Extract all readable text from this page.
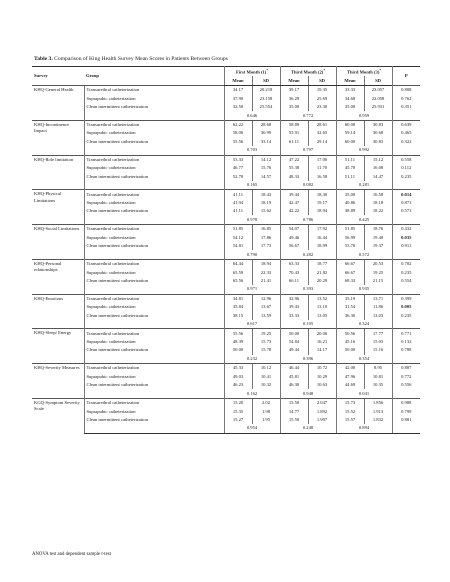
Table 3. Comparison of King Health Survey Mean Scores in Patients Between Groups
Survey	Group	First Month (1)*		Third Month (2)*		Third Month (3)*		P
		Mean	SD	Mean	SD	Mean	SD	
KHQ-General Health	Transurethral catheterization	34.17	20.218	39.17	19.35	33.33	23.057	0.808
	Suprapubic catheterization	37.90	23.158	36.29	25.69	34.68	22.058	0.762
	Clean intermittent catheterization	32.50	25.554	35.00	23.30	35.00	25.931	0.351
		0.646		0.772		0.959		
KHQ-Incontinence Impact	Transurethral catheterization	62.22	28.68	58.89	28.61	60.00	30.83	0.639
	Suprapubic catheterization	58.06	30.99	55.91	32.65	59,14	30.68	0.465
	Clean intermittent catheterization	55.56	33.14	61.11	29.14	60.00	30.83	0.322
		0.703		0.797		0.992		
KHQ-Role limitation	Transurethral catheterization	53.33	14.12	47.22	17.00	51,11	15,12	0.558
	Suprapubic catheterization	46.77	15.76	55.38	11.70	45.70	16.08	0.112
	Clean intermittent catheterization	52.78	14.57	48.33	16.58	51,11	14.47	0.235
		0.165		0.082		0.281		
KHQ-Physical Limitations	Transurethral catheterization	41.11	18.43	39.44	18,30	35,00	16.58	0.014
	Suprapubic catheterization	41.94	18.19	42.47	19.17	40.86	18.18	0.871
	Clean intermittent catheterization	41.11	15.62	42.22	18.94	38.89	18.22	0.571
		0.978		0.786		0.425		
KHQ-Social Limitations	Transurethral catheterization	51.85	16.85	54,07	17.92	51.85	18.76	0.432
	Suprapubic catheterization	54.12	17.86	49,46	16.44	56.99	19.40	0.035
	Clean intermittent catheterization	54.81	17.73	56.67	18.99	53.70	19.37	0.911
		0.790		0.282		0.572		
KHQ-Personal relationships	Transurethral catheterization	64.44	18.94	63.33	18.77	66.67	20.53	0.782
	Suprapubic catheterization	65.59	22.33	70.43	21.82	66.67	19.25	0.235
	Clean intermittent catheterization	65.56	21.41	66.11	20.29	68.33	21.15	0.554
		0.971		0.393		0.935		
KHQ-Emotions	Transurethral catheterization	34.81	12.96	32.96	13.52	35,19	13,71	0.399
	Suprapubic catheterization	35.84	13.67	39.43	13.10	31.54	11.86	0.005
	Clean intermittent catheterization	38.15	13.59	33.33	13.05	36.30	13.03	0.235
		0.617		0.105		0.324		
KHQ-Sleep/ Energy	Transurethral catheterization	55.56	19.25	50.00	20.06	50.56	17.77	0.771
	Suprapubic catheterization	48.39	15.73	54.84	16.21	45.16	15.03	0.132
	Clean intermittent catheterization	50.00	15.78	49.44	14.17	50.00	15.16	0.788
		0.232		0.396		0.354		
KHQ-Severity Measures	Transurethral catheterization	45.33	10.12	46.44	10.72	42.00	8.95	0.887
	Suprapubic catheterization	49.03	10.41	45.81	10.29	47.96	10.81	0.772
	Clean intermittent catheterization	46.23	10.32	46.30	10.63	44.69	10.35	0.556
		0.162		0.948		0.041		
KGQ-Symptom Severity Scale	Transurethral catheterization	15.20	2.02	15.50	2.047	15.73	1.856	0.988
	Suprapubic catheterization	15.35	1.98	14.77	1.892	15.52	1.913	0.799
	Clean intermittent catheterization	15.27	1.95	15.50	1.907	15.57	1.832	0.881
		0.954		0.248		0.894		
ANOVA test and dependent sample t-test
